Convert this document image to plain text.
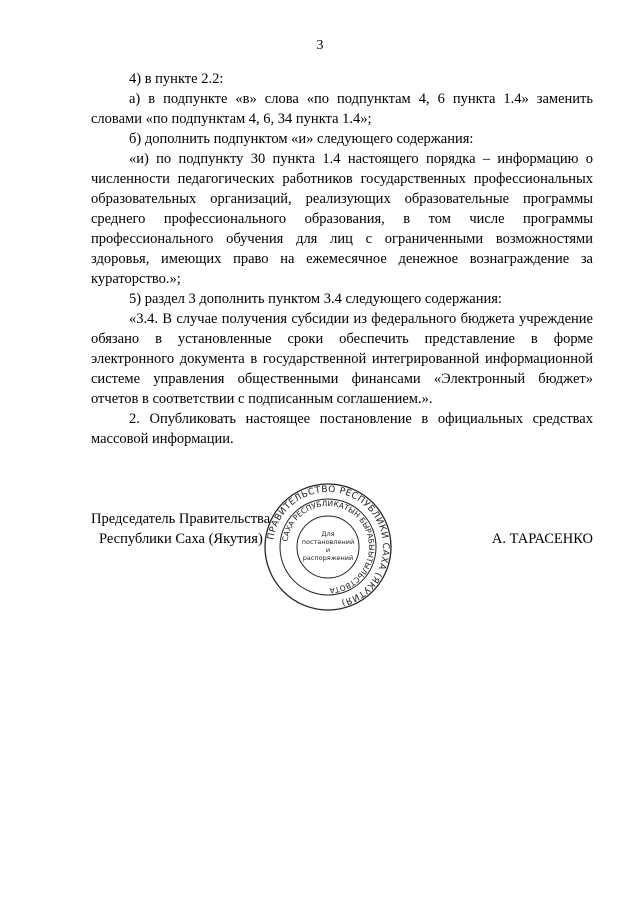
3

4) в пункте 2.2:

а) в подпункте «в» слова «по подпунктам 4, 6 пункта 1.4» заменить словами «по подпунктам 4, 6, 34 пункта 1.4»;

б) дополнить подпунктом «и» следующего содержания:

«и) по подпункту 30 пункта 1.4 настоящего порядка – информацию о численности педагогических работников государственных профессиональных образовательных организаций, реализующих образовательные программы среднего профессионального образования, в том числе программы профессионального обучения для лиц с ограниченными возможностями здоровья, имеющих право на ежемесячное денежное вознаграждение за кураторство.»;

5) раздел 3 дополнить пунктом 3.4 следующего содержания:

«3.4. В случае получения субсидии из федерального бюджета учреждение обязано в установленные сроки обеспечить представление в форме электронного документа в государственной интегрированной информационной системе управления общественными финансами «Электронный бюджет» отчетов в соответствии с подписанным соглашением.».

2. Опубликовать настоящее постановление в официальных средствах массовой информации.

Председатель Правительства
Республики Саха (Якутия)	А. ТАРАСЕНКО
ПРАВИТЕЛЬСТВО РЕСПУБЛИКИ САХА (ЯКУТИЯ)
САХА РЕСПУБЛИКАТЫН БЫРАБЫЫТЫЛЬСТВОТА
Для постановлений и распоряжений
